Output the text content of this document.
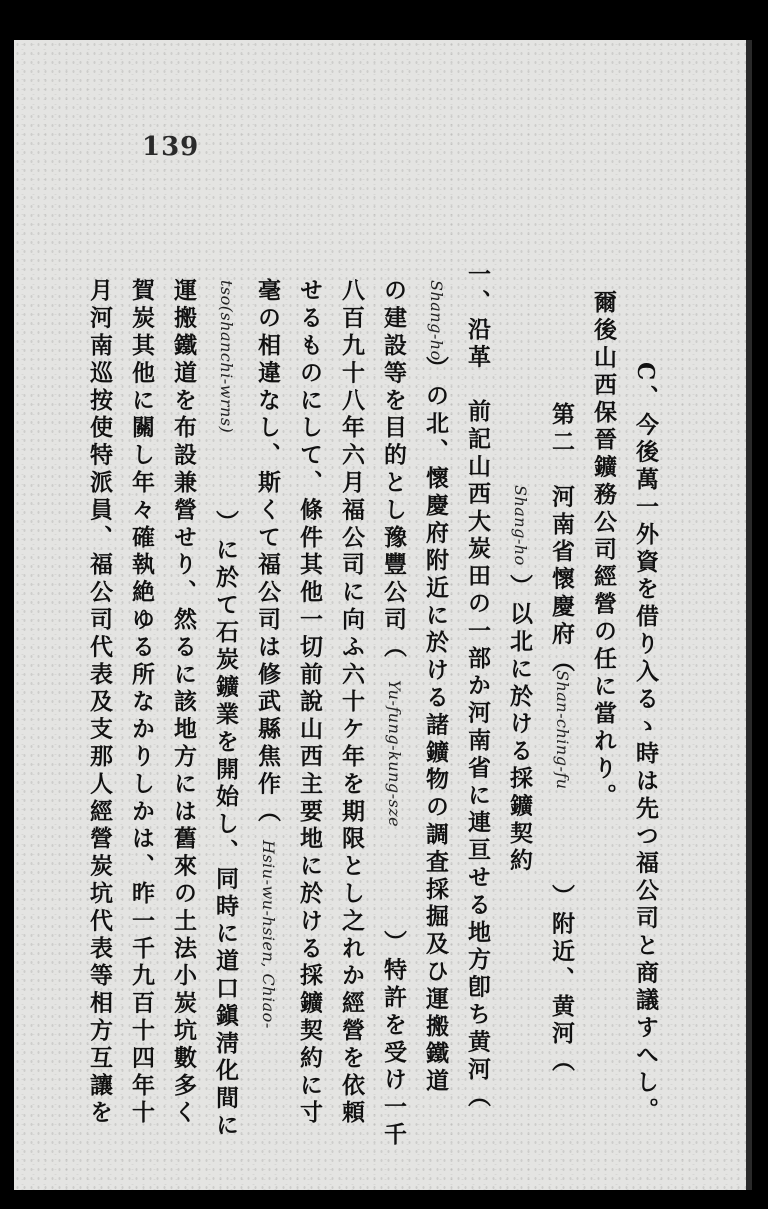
139
C、今後萬一外資を借り入るゝ時は先つ福公司と商議すへし。
爾後山西保晉鑛務公司經營の任に當れり。
第二　河南省懷慶府（
）附近、黄河（
）以北に於ける採鑛契約
一、沿革　前記山西大炭田の一部か河南省に連亘せる地方卽ち黄河（
）の北、懷慶府附近に於ける諸鑛物の調査採掘及ひ運搬鐵道
の建設等を目的とし豫豐公司（
）特許を受け一千
八百九十八年六月福公司に向ふ六十ケ年を期限とし之れか經營を依頼
せるものにして、條件其他一切前說山西主要地に於ける採鑛契約に寸
毫の相違なし、斯くて福公司は修武縣焦作（
）に於て石炭鑛業を開始し、同時に道口鎭淸化間に
運搬鐵道を布設兼營せり、然るに該地方には舊來の土法小炭坑數多く
賀炭其他に關し年々確執絶ゆる所なかりしかは、昨一千九百十四年十
月河南巡按使特派員、福公司代表及支那人經營炭坑代表等相方互讓を	Shan-ching-fu
Shang-ho
Shang-ho
Yu-fung-kung-sze
Hsiu-wu-hsien, Chiao-
tso(shanchi-wrns)
